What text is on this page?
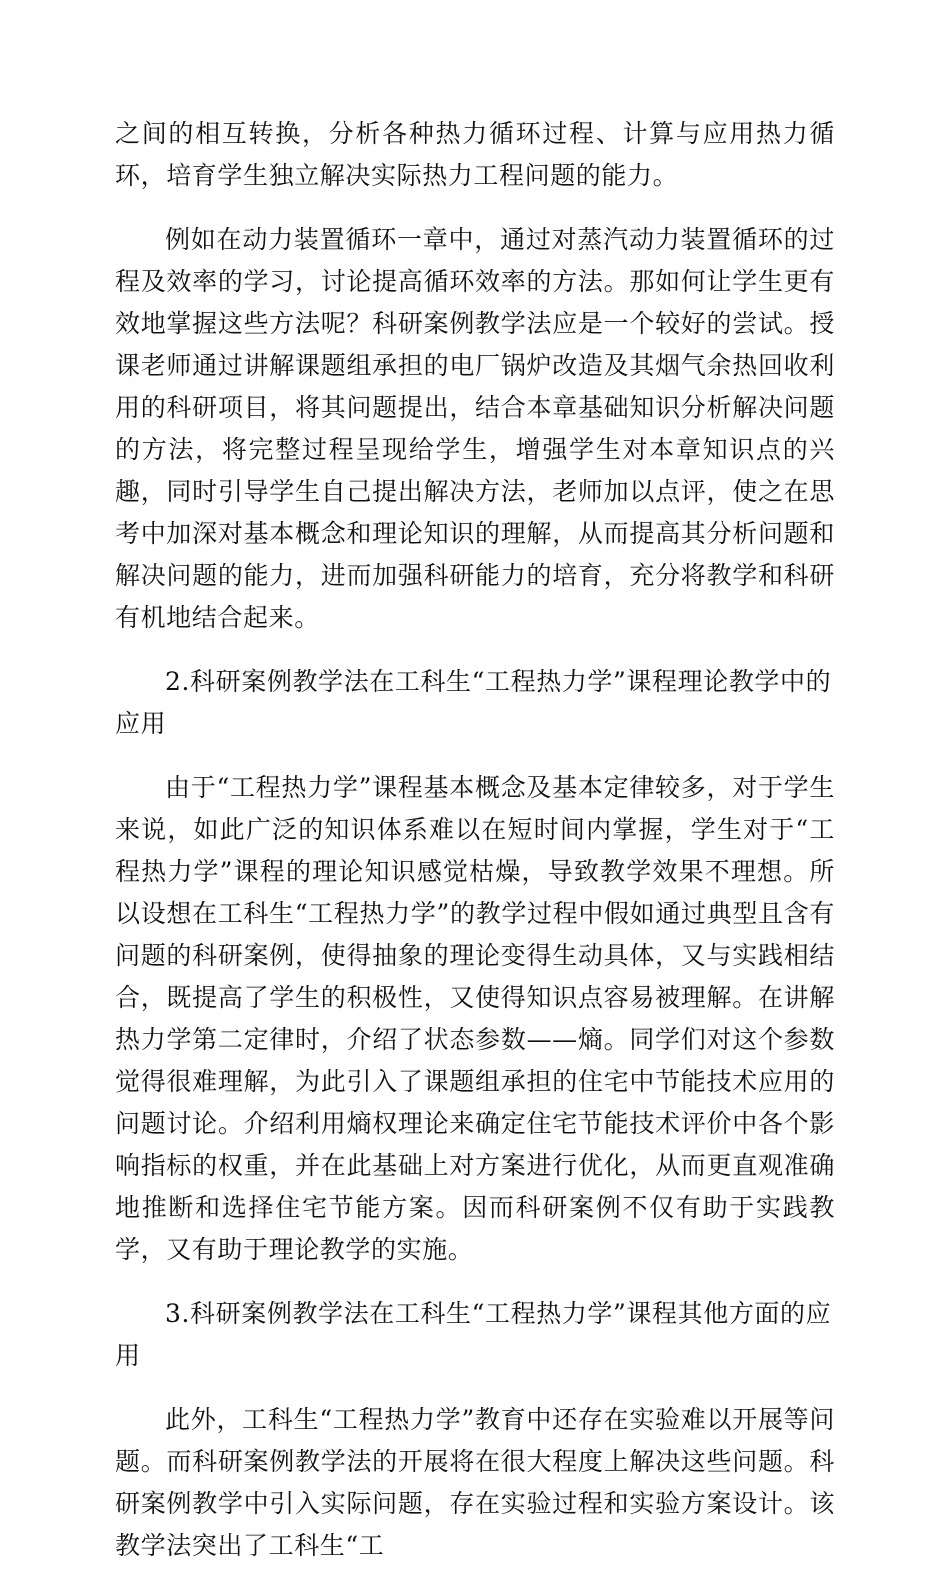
之间的相互转换，分析各种热力循环过程、计算与应用热力循环，培育学生独立解决实际热力工程问题的能力。

例如在动力装置循环一章中，通过对蒸汽动力装置循环的过程及效率的学习，讨论提高循环效率的方法。那如何让学生更有效地掌握这些方法呢？科研案例教学法应是一个较好的尝试。授课老师通过讲解课题组承担的电厂锅炉改造及其烟气余热回收利用的科研项目，将其问题提出，结合本章基础知识分析解决问题的方法，将完整过程呈现给学生，增强学生对本章知识点的兴趣，同时引导学生自己提出解决方法，老师加以点评，使之在思考中加深对基本概念和理论知识的理解，从而提高其分析问题和解决问题的能力，进而加强科研能力的培育，充分将教学和科研有机地结合起来。

2.科研案例教学法在工科生“工程热力学”课程理论教学中的应用

由于“工程热力学”课程基本概念及基本定律较多，对于学生来说，如此广泛的知识体系难以在短时间内掌握，学生对于“工程热力学”课程的理论知识感觉枯燥，导致教学效果不理想。所以设想在工科生“工程热力学”的教学过程中假如通过典型且含有问题的科研案例，使得抽象的理论变得生动具体，又与实践相结合，既提高了学生的积极性，又使得知识点容易被理解。在讲解热力学第二定律时，介绍了状态参数——熵。同学们对这个参数觉得很难理解，为此引入了课题组承担的住宅中节能技术应用的问题讨论。介绍利用熵权理论来确定住宅节能技术评价中各个影响指标的权重，并在此基础上对方案进行优化，从而更直观准确地推断和选择住宅节能方案。因而科研案例不仅有助于实践教学，又有助于理论教学的实施。

3.科研案例教学法在工科生“工程热力学”课程其他方面的应用

此外，工科生“工程热力学”教育中还存在实验难以开展等问题。而科研案例教学法的开展将在很大程度上解决这些问题。科研案例教学中引入实际问题，存在实验过程和实验方案设计。该教学法突出了工科生“工
